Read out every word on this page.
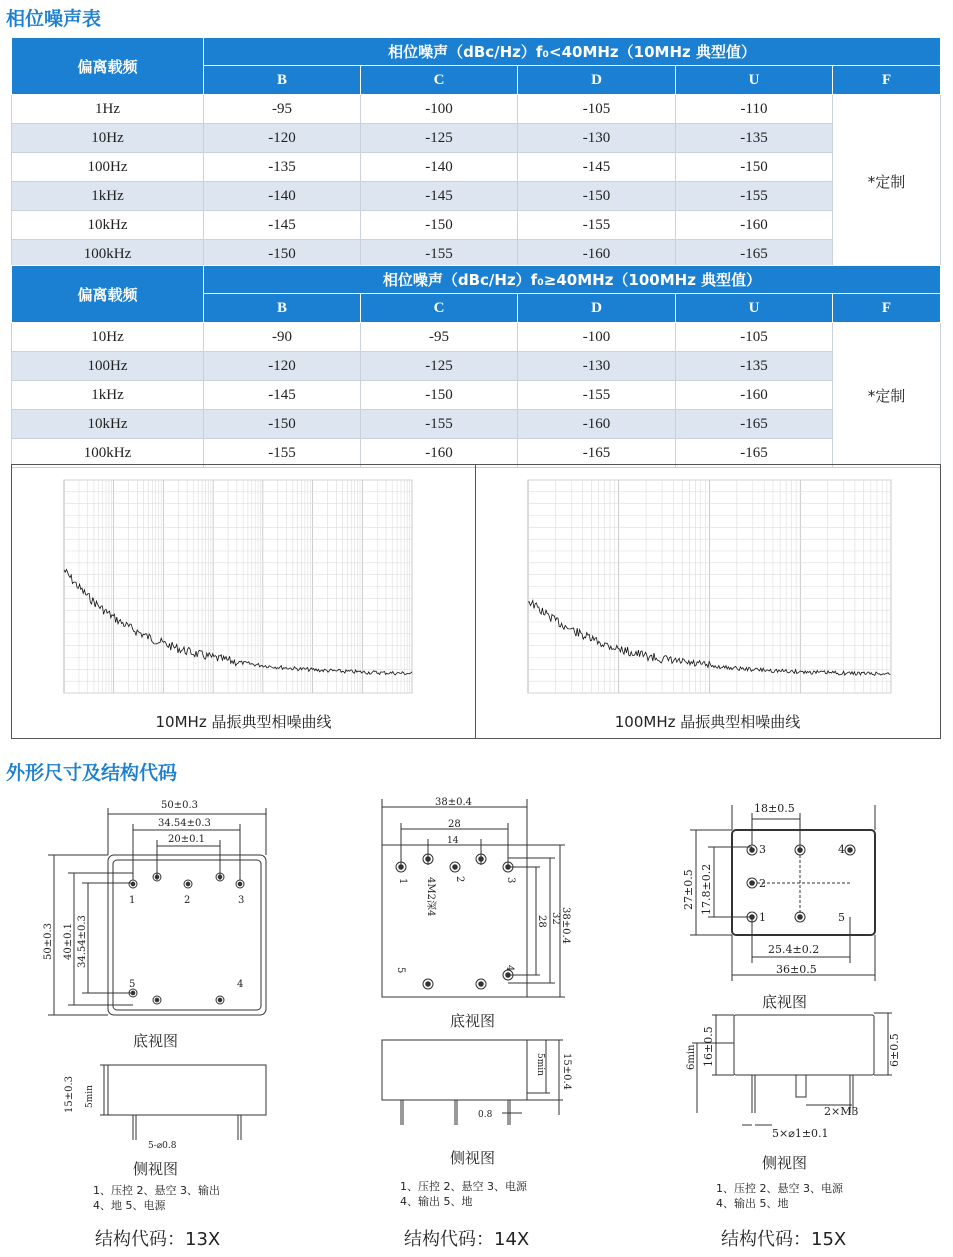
相位噪声表
偏离载频	相位噪声（dBc/Hz）f₀<40MHz（10MHz 典型值）				
	B	C	D	U	F
1Hz	-95	-100	-105	-110	*定制
10Hz	-120	-125	-130	-135	
100Hz	-135	-140	-145	-150	
1kHz	-140	-145	-150	-155	
10kHz	-145	-150	-155	-160	
100kHz	-150	-155	-160	-165	
偏离载频	相位噪声（dBc/Hz）f₀≥40MHz（100MHz 典型值）				
	B	C	D	U	F
10Hz	-90	-95	-100	-105	*定制
100Hz	-120	-125	-130	-135	
1kHz	-145	-150	-155	-160	
10kHz	-150	-155	-160	-165	
100kHz	-155	-160	-165	-165	
10MHz 晶振典型相噪曲线	100MHz 晶振典型相噪曲线
外形尺寸及结构代码
50±0.3
34.54±0.3
20±0.1
50±0.3 40±0.1 34.54±0.3
1	2	3
5	4
15±0.3 5min
5-⌀0.8
底视图
侧视图
1、压控 2、悬空 3、输出
4、地 5、电源
结构代码：13X
38±0.4
28
14
38±0.4
32
28
4M2深4
1	2	3
4
5
15±0.4
5min
0.8
底视图
侧视图
1、压控 2、悬空 3、电源
4、输出 5、地
结构代码：14X
18±0.5
27±0.5 17.8±0.2
3	4
2
1	5
25.4±0.2
36±0.5
6min 16±0.5	6±0.5
2×M3
5×⌀1±0.1
底视图
侧视图
1、压控 2、悬空 3、电源
4、输出 5、地
结构代码：15X
